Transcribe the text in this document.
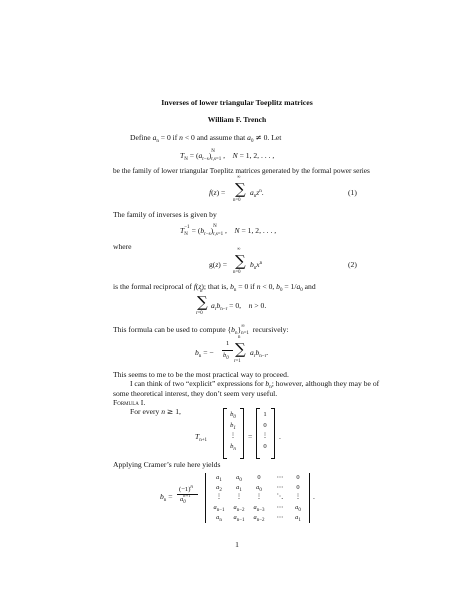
Inverses of lower triangular Toeplitz matrices
William F. Trench
Define $a_n = 0$ if n < 0 and assume that $a_0 \ne 0$. Let
$T_N = (a_{r-s})$ $_{N r,s=1}$ ,    N = 1, 2, . . . ,
be the family of lower triangular Toeplitz matrices generated by the formal power series
f(z) = ∑
∞
n=0
$a_nz^n$.	(1)
The family of inverses is given by
T $_{-1 N} = (b_{r-s})$ $_{N r,s=1}$ ,    N = 1, 2, . . . ,
where
g(z) = ∑
∞
n=0
$b_nx^n$	(2)
is the formal reciprocal of f(z); that is, $b_n = 0$ if n < 0, $b_0 = 1/a_0$ and
∑
n
r=0
$a_rb_{n-r} = 0$,    n > 0.
This formula can be used to compute $\{b_n\}$ $_{\infty n=1}$  recursively:
$b_n$ = −
1
$b_0$
∑
n
r=1
$a_rb_{n-r}$.
This seems to me to be the most practical way to proceed.
I can think of two “explicit” expressions for $b_n$; however, although they may be of
some theoretical interest, they don’t seem very useful.
Formula I.
For every n ≥ 1,
$T_{n+1}$
$b_0$
$b_1$
⋮
$b_n$
=
1
0
⋮
0
.
Applying Cramer’s rule here yields
$b_n$ =
$(-1)^n$
a
$_{n+1 0}$
.
$a_1$	$a_0$	0	⋯	0
$a_2$	$a_1$	$a_0$	⋯	0
⋮	⋮	⋮	⋱	⋮
$a_{n-1}$	$a_{n-2}$	$a_{n-3}$	⋯	$a_0$
$a_n$	$a_{n-1}$	$a_{n-2}$	⋯	$a_1$
1
